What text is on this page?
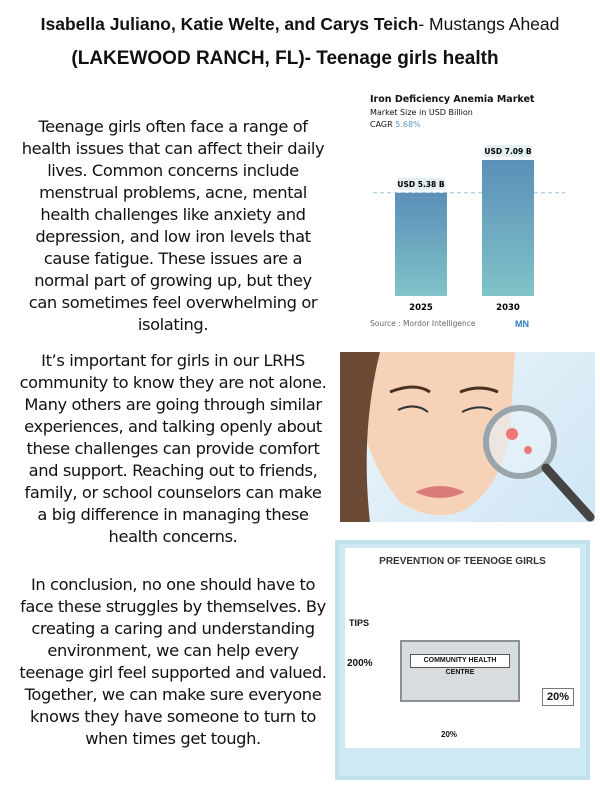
Isabella Juliano, Katie Welte, and Carys Teich- Mustangs Ahead
(LAKEWOOD RANCH, FL)- Teenage girls health

Teenage girls often face a range of health issues that can affect their daily lives. Common concerns include menstrual problems, acne, mental health challenges like anxiety and depression, and low iron levels that cause fatigue. These issues are a normal part of growing up, but they can sometimes feel overwhelming or isolating.

It’s important for girls in our LRHS community to know they are not alone. Many others are going through similar experiences, and talking openly about these challenges can provide comfort and support. Reaching out to friends, family, or school counselors can make a big difference in managing these health concerns.

In conclusion, no one should have to face these struggles by themselves. By creating a caring and understanding environment, we can help every teenage girl feel supported and valued. Together, we can make sure everyone knows they have someone to turn to when times get tough.

Iron Deficiency Anemia Market
Market Size in USD Billion
CAGR 5.68%
USD 5.38 B
2025
USD 7.09 B
2030
Source : Mordor Intelligence	MN
PREVENTION OF TEENOGE GIRLS
TIPS
200%
20%
20%
COMMUNITY HEALTH CENTRE
